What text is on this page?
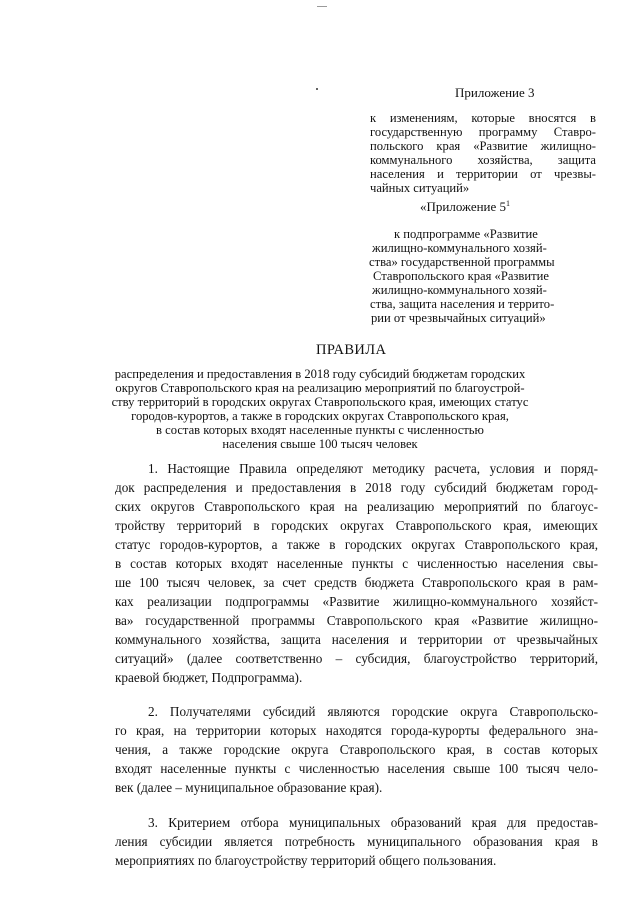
Приложение 3
к изменениям, которые вносятся в
государственную программу Ставро-
польского края «Развитие жилищно-
коммунального хозяйства, защита
населения и территории от чрезвы-
чайных ситуаций»
«Приложение $5^1$
к подпрограмме «Развитие
жилищно-коммунального хозяй-
ства» государственной программы
Ставропольского края «Развитие
жилищно-коммунального хозяй-
ства, защита населения и террито-
рии от чрезвычайных ситуаций»
ПРАВИЛА
распределения и предоставления в 2018 году субсидий бюджетам городских
округов Ставропольского края на реализацию мероприятий по благоустрой-
ству территорий в городских округах Ставропольского края, имеющих статус
городов-курортов, а также в городских округах Ставропольского края,
в состав которых входят населенные пункты с численностью
населения свыше 100 тысяч человек
1. Настоящие Правила определяют методику расчета, условия и поряд-
док распределения и предоставления в 2018 году субсидий бюджетам город-
ских округов Ставропольского края на реализацию мероприятий по благоус-
тройству территорий в городских округах Ставропольского края, имеющих
статус городов-курортов, а также в городских округах Ставропольского края,
в состав которых входят населенные пункты с численностью населения свы-
ше 100 тысяч человек, за счет средств бюджета Ставропольского края в рам-
ках реализации подпрограммы «Развитие жилищно-коммунального хозяйст-
ва» государственной программы Ставропольского края «Развитие жилищно-
коммунального хозяйства, защита населения и территории от чрезвычайных
ситуаций» (далее соответственно – субсидия, благоустройство территорий,
краевой бюджет, Подпрограмма).
2. Получателями субсидий являются городские округа Ставропольско-
го края, на территории которых находятся города-курорты федерального зна-
чения, а также городские округа Ставропольского края, в состав которых
входят населенные пункты с численностью населения свыше 100 тысяч чело-
век (далее – муниципальное образование края).
3. Критерием отбора муниципальных образований края для предостав-
ления субсидии является потребность муниципального образования края в
мероприятиях по благоустройству территорий общего пользования.
